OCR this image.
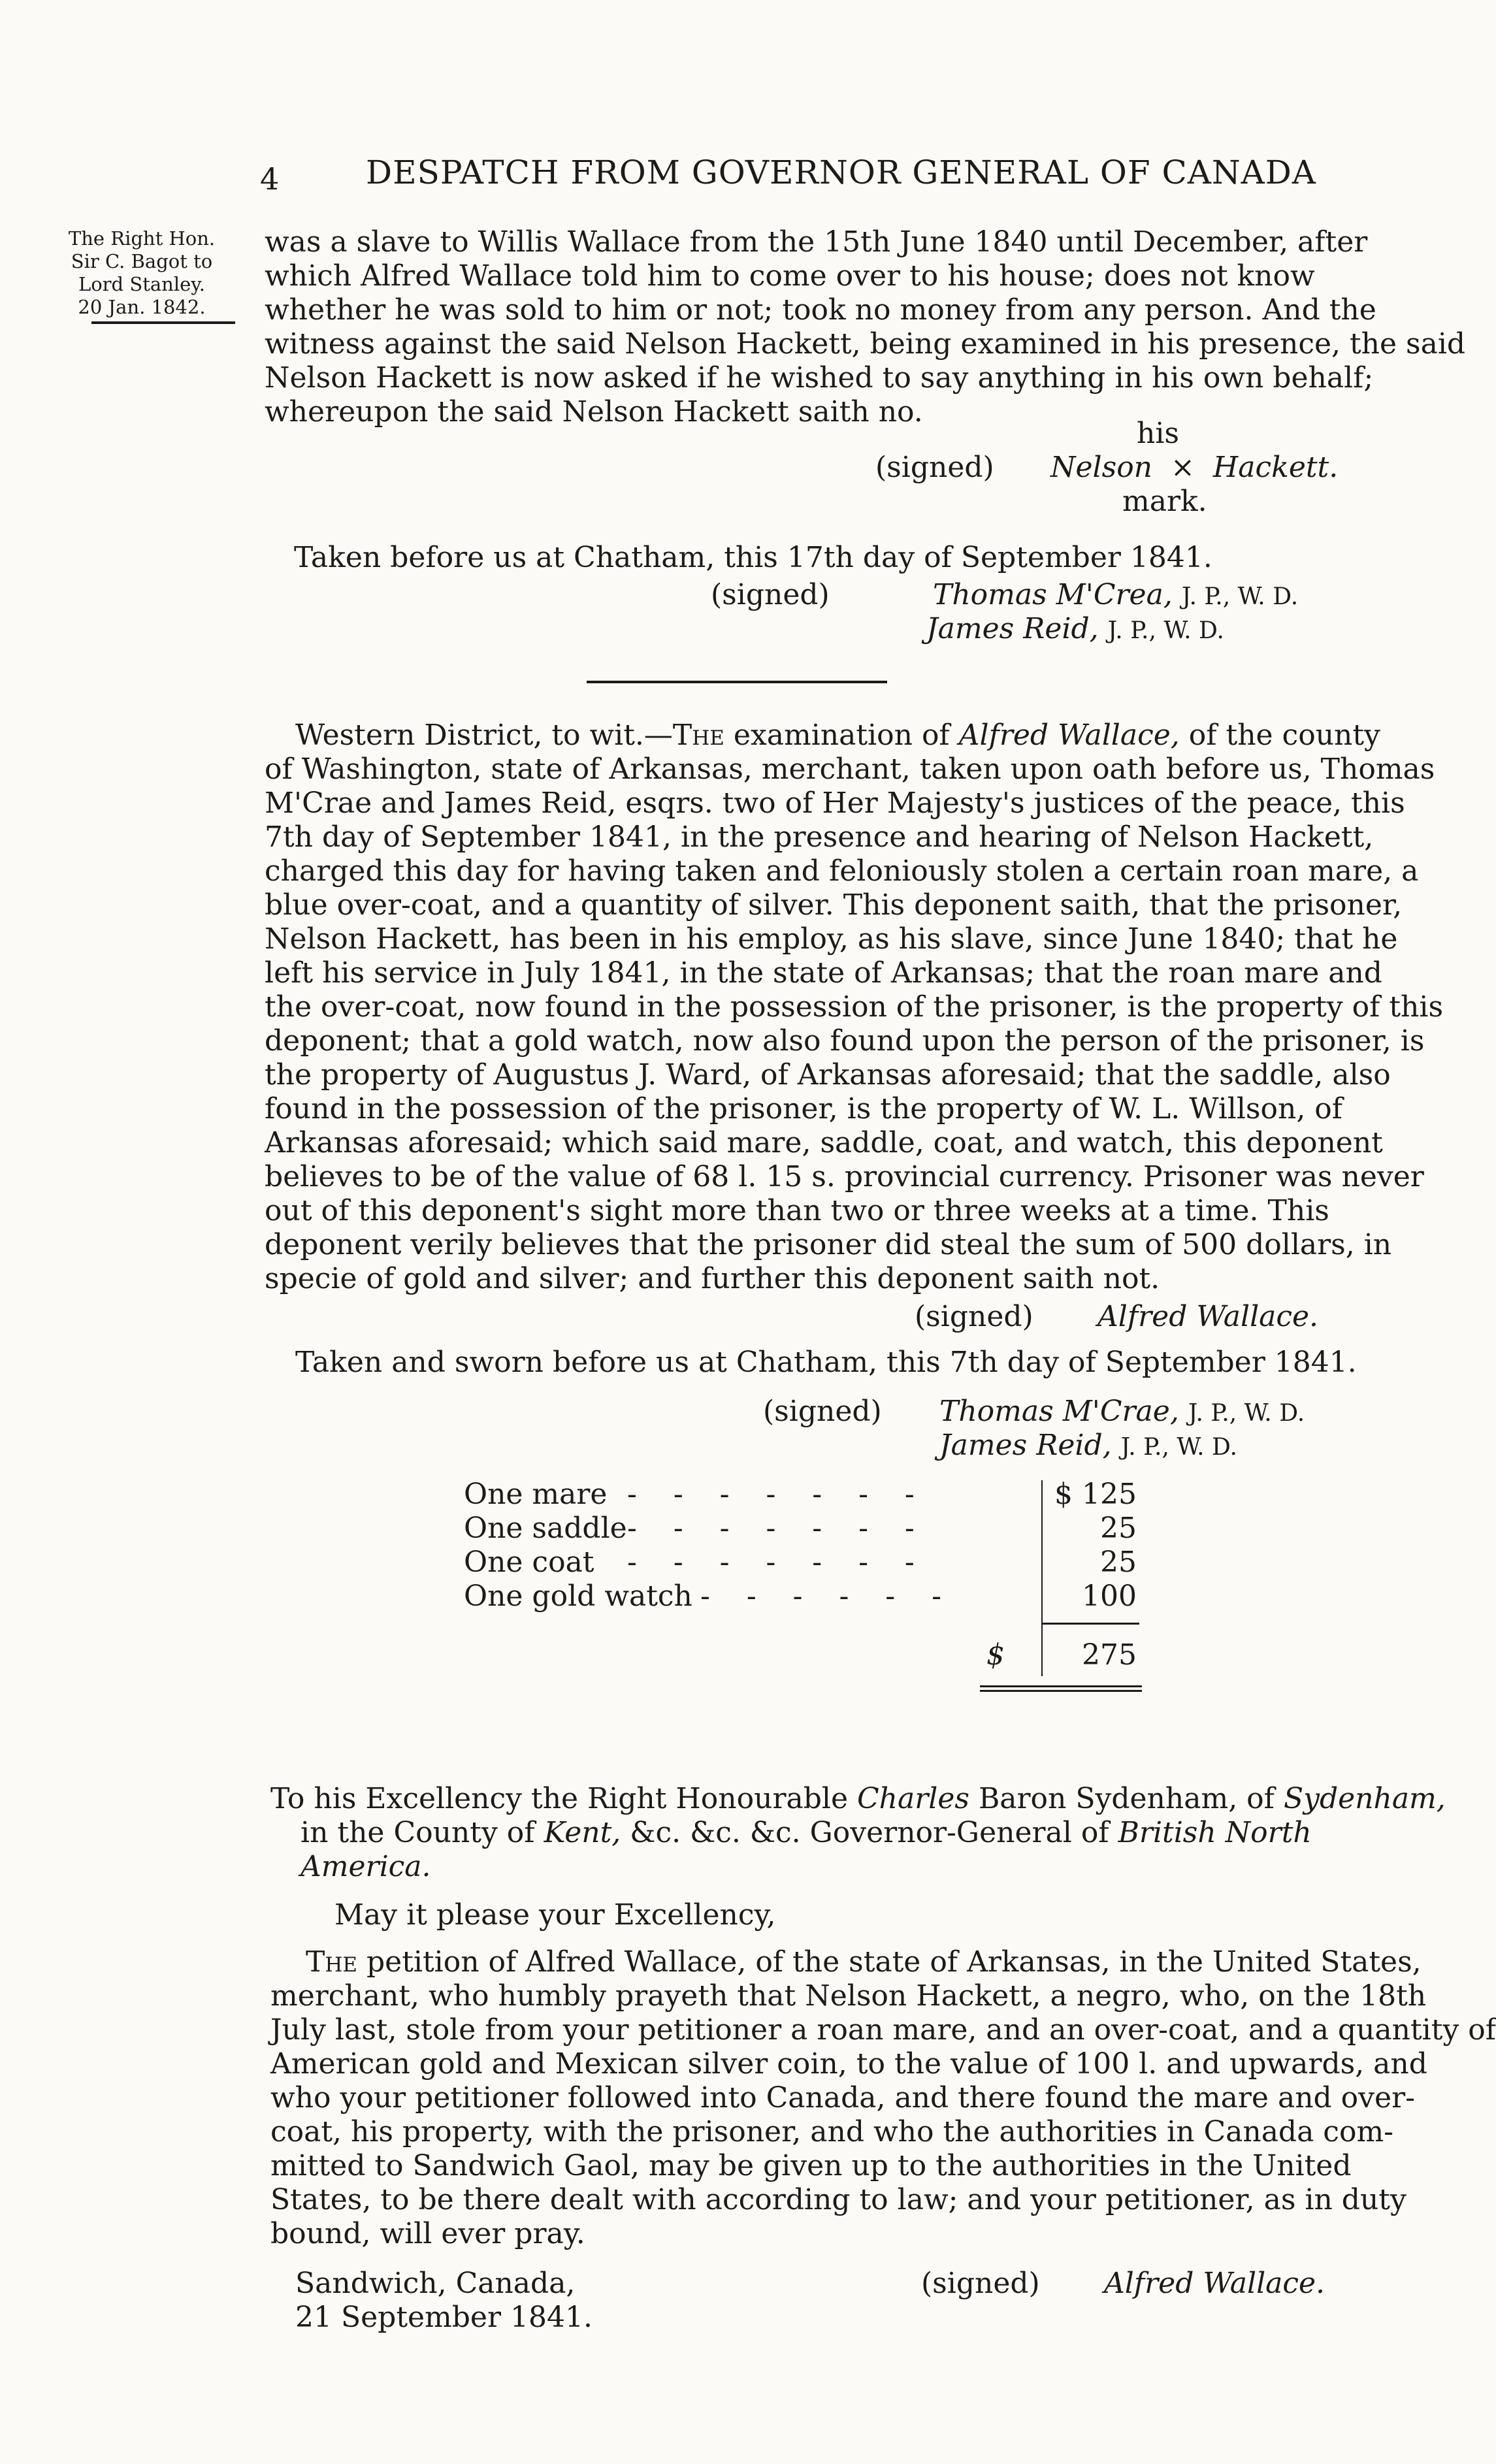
4	DESPATCH FROM GOVERNOR GENERAL OF CANADA
The Right Hon.
Sir C. Bagot to
Lord Stanley.
20 Jan. 1842.
was a slave to Willis Wallace from the 15th June 1840 until December, after
which Alfred Wallace told him to come over to his house; does not know
whether he was sold to him or not; took no money from any person. And the
witness against the said Nelson Hackett, being examined in his presence, the said
Nelson Hackett is now asked if he wished to say anything in his own behalf;
whereupon the said Nelson Hackett saith no.
his
(signed) Nelson × Hackett.
mark.
Taken before us at Chatham, this 17th day of September 1841.
(signed)	Thomas M'Crea, J. P., W. D.
James Reid, J. P., W. D.
Western District, to wit.—The examination of Alfred Wallace, of the county
of Washington, state of Arkansas, merchant, taken upon oath before us, Thomas
M'Crae and James Reid, esqrs. two of Her Majesty's justices of the peace, this
7th day of September 1841, in the presence and hearing of Nelson Hackett,
charged this day for having taken and feloniously stolen a certain roan mare, a
blue over-coat, and a quantity of silver. This deponent saith, that the prisoner,
Nelson Hackett, has been in his employ, as his slave, since June 1840; that he
left his service in July 1841, in the state of Arkansas; that the roan mare and
the over-coat, now found in the possession of the prisoner, is the property of this
deponent; that a gold watch, now also found upon the person of the prisoner, is
the property of Augustus J. Ward, of Arkansas aforesaid; that the saddle, also
found in the possession of the prisoner, is the property of W. L. Willson, of
Arkansas aforesaid; which said mare, saddle, coat, and watch, this deponent
believes to be of the value of 68 l. 15 s. provincial currency. Prisoner was never
out of this deponent's sight more than two or three weeks at a time. This
deponent verily believes that the prisoner did steal the sum of 500 dollars, in
specie of gold and silver; and further this deponent saith not.
(signed) Alfred Wallace.
Taken and sworn before us at Chatham, this 7th day of September 1841.
(signed) Thomas M'Crae, J. P., W. D.
James Reid, J. P., W. D.
One mare -    -    -    -    -    -    -	$ 125
One saddle -    -    -    -    -    -    -	25
One coat -    -    -    -    -    -    -	25
One gold watch -    -    -    -    -    -	100
$	275
To his Excellency the Right Honourable Charles Baron Sydenham, of Sydenham,
in the County of Kent, &c. &c. &c. Governor-General of British North
America.
May it please your Excellency,
The petition of Alfred Wallace, of the state of Arkansas, in the United States,
merchant, who humbly prayeth that Nelson Hackett, a negro, who, on the 18th
July last, stole from your petitioner a roan mare, and an over-coat, and a quantity of
American gold and Mexican silver coin, to the value of 100 l. and upwards, and
who your petitioner followed into Canada, and there found the mare and over-
coat, his property, with the prisoner, and who the authorities in Canada com-
mitted to Sandwich Gaol, may be given up to the authorities in the United
States, to be there dealt with according to law; and your petitioner, as in duty
bound, will ever pray.
Sandwich, Canada,
21 September 1841.
(signed) Alfred Wallace.
